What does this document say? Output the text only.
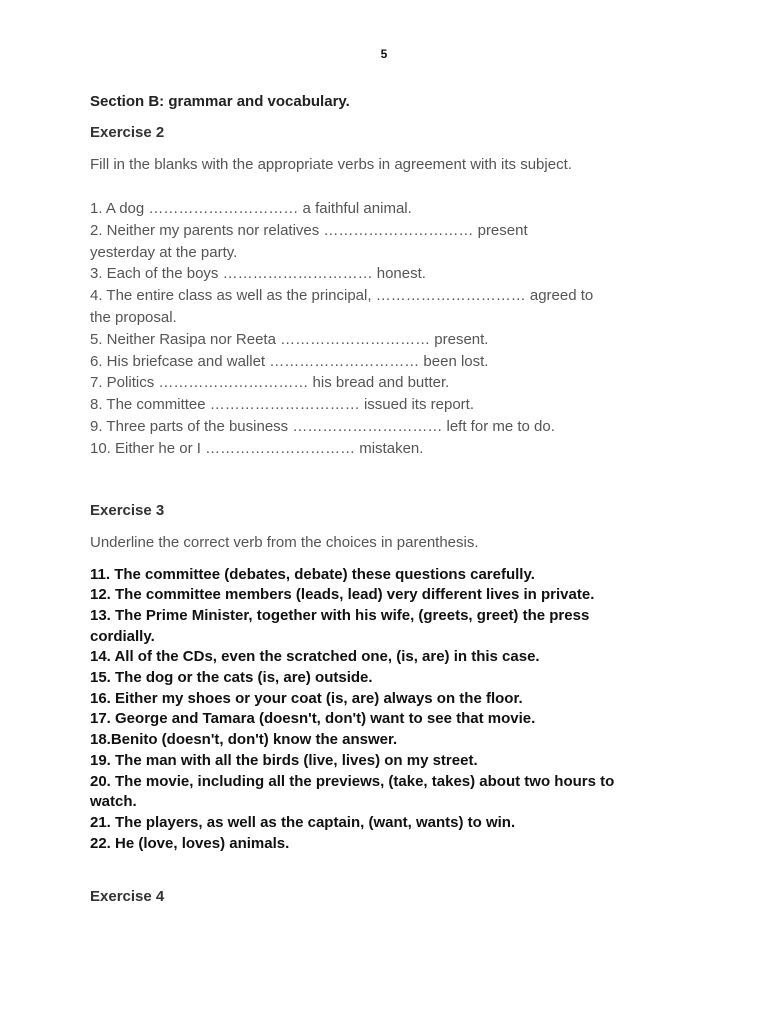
5

Section B: grammar and vocabulary.

Exercise 2

Fill in the blanks with the appropriate verbs in agreement with its subject.

1. A dog ………………………… a faithful animal.
2. Neither my parents nor relatives ………………………… present
yesterday at the party.
3. Each of the boys ………………………… honest.
4. The entire class as well as the principal, ………………………… agreed to
the proposal.
5. Neither Rasipa nor Reeta ………………………… present.
6. His briefcase and wallet ………………………… been lost.
7. Politics ………………………… his bread and butter.
8. The committee ………………………… issued its report.
9. Three parts of the business ………………………… left for me to do.
10. Either he or I ………………………… mistaken.

Exercise 3

Underline the correct verb from the choices in parenthesis.

11. The committee (debates, debate) these questions carefully.
12. The committee members (leads, lead) very different lives in private.
13. The Prime Minister, together with his wife, (greets, greet) the press
cordially.
14. All of the CDs, even the scratched one, (is, are) in this case.
15. The dog or the cats (is, are) outside.
16. Either my shoes or your coat (is, are) always on the floor.
17. George and Tamara (doesn't, don't) want to see that movie.
18.Benito (doesn't, don't) know the answer.
19. The man with all the birds (live, lives) on my street.
20. The movie, including all the previews, (take, takes) about two hours to
watch.
21. The players, as well as the captain, (want, wants) to win.
22. He (love, loves) animals.

Exercise 4
